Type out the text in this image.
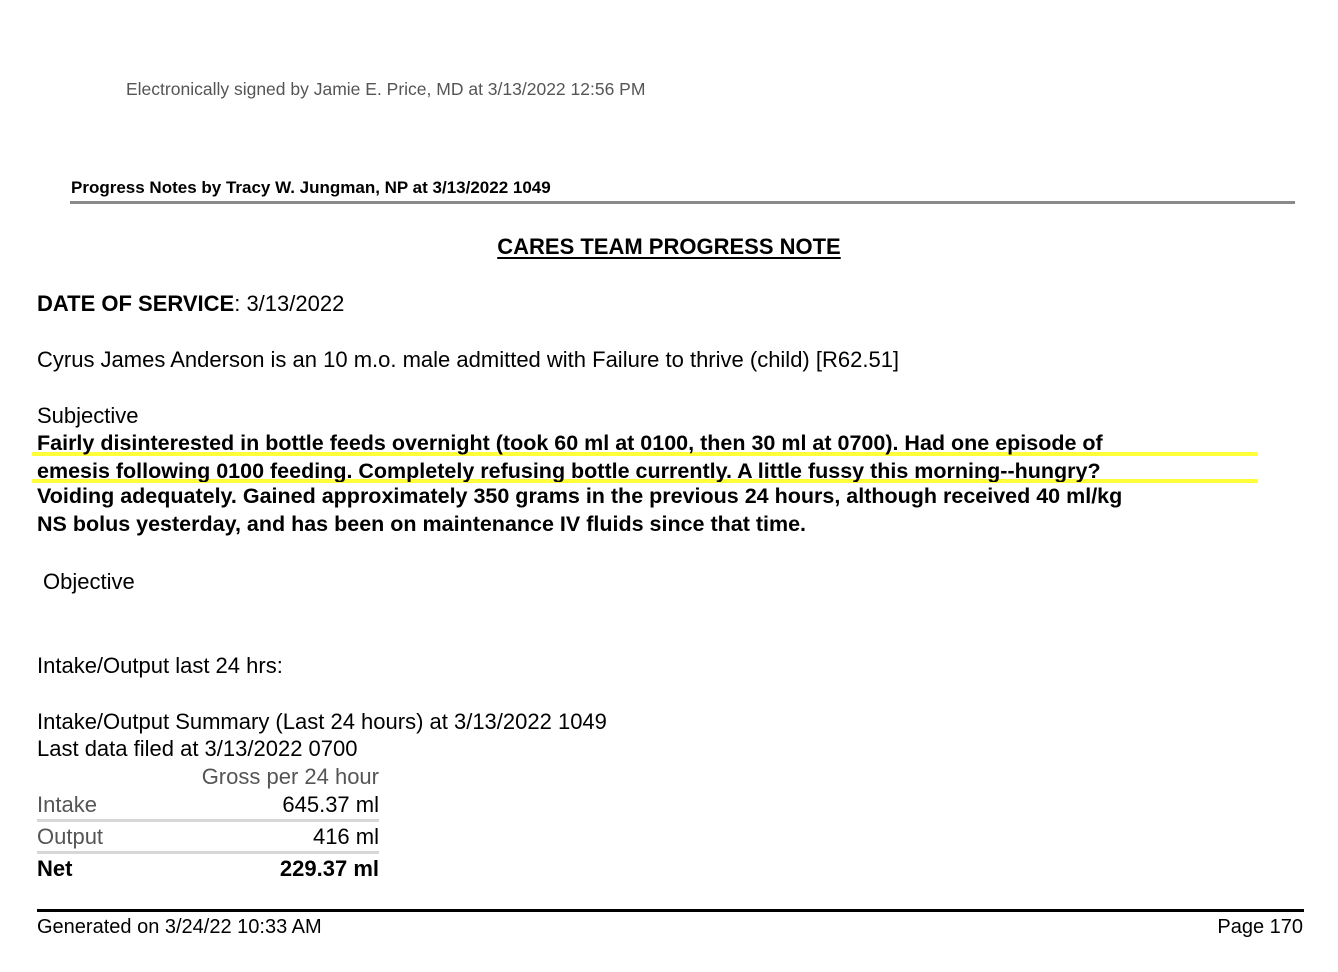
Electronically signed by Jamie E. Price, MD at 3/13/2022 12:56 PM
Progress Notes by Tracy W. Jungman, NP at 3/13/2022 1049
CARES TEAM PROGRESS NOTE
DATE OF SERVICE: 3/13/2022
Cyrus James Anderson is an 10 m.o. male admitted with Failure to thrive (child) [R62.51]
Subjective
Fairly disinterested in bottle feeds overnight (took 60 ml at 0100, then 30 ml at 0700). Had one episode of
emesis following 0100 feeding. Completely refusing bottle currently. A little fussy this morning--hungry?
Voiding adequately. Gained approximately 350 grams in the previous 24 hours, although received 40 ml/kg
NS bolus yesterday, and has been on maintenance IV fluids since that time.
Objective
Intake/Output last 24 hrs:
Intake/Output Summary (Last 24 hours) at 3/13/2022 1049
Last data filed at 3/13/2022 0700
Gross per 24 hour
Intake	645.37 ml
Output	416 ml
Net	229.37 ml
Generated on 3/24/22 10:33 AM	Page 170
